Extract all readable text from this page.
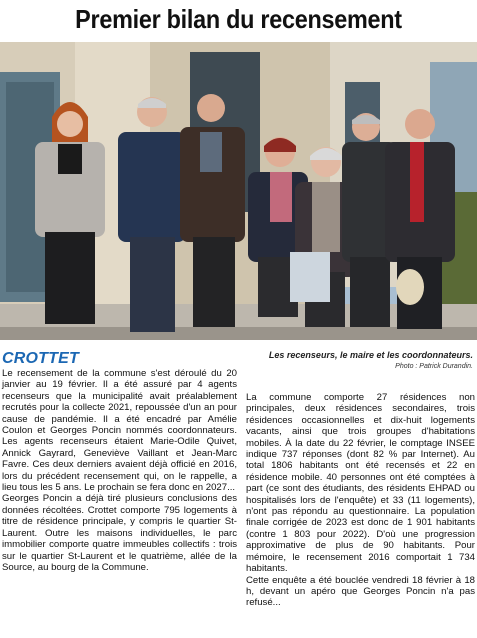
Premier bilan du recensement
CROTTET	Les recenseurs, le maire et les coordonnateurs.
Photo : Patrick Durandin.

Le recensement de la commune s'est déroulé du 20 janvier au 19 février. Il a été assuré par 4 agents recenseurs que la municipalité avait préalablement recrutés pour la collecte 2021, repoussée d'un an pour cause de pandémie. Il a été encadré par Amélie Coulon et Georges Poncin nommés coordonnateurs. Les agents recenseurs étaient Marie-Odile Quivet, Annick Gayrard, Geneviève Vaillant et Jean-Marc Favre. Ces deux derniers avaient déjà officié en 2016, lors du précédent recensement qui, on le rappelle, a lieu tous les 5 ans. Le prochain se fera donc en 2027...

Georges Poncin a déjà tiré plusieurs conclusions des données récoltées. Crottet comporte 795 logements à titre de résidence principale, y compris le quartier St-Laurent. Outre les maisons individuelles, le parc immobilier comporte quatre immeubles collectifs : trois sur le quartier St-Laurent et le quatrième, allée de la Source, au bourg de la Commune.

La commune comporte 27 résidences non principales, deux résidences secondaires, trois résidences occasionnelles et dix-huit logements vacants, ainsi que trois groupes d'habitations mobiles. À la date du 22 février, le comptage INSEE indique 737 réponses (dont 82 % par Internet). Au total 1806 habitants ont été recensés et 22 en résidence mobile. 40 personnes ont été comptées à part (ce sont des étudiants, des résidents EHPAD ou hospitalisés lors de l'enquête) et 33 (11 logements), n'ont pas répondu au questionnaire. La population finale corrigée de 2023 est donc de 1 901 habitants (contre 1 803 pour 2022). D'où une progression approximative de plus de 90 habitants. Pour mémoire, le recensement 2016 comportait 1 734 habitants.

Cette enquête a été bouclée vendredi 18 février à 18 h, devant un apéro que Georges Poncin n'a pas refusé...
